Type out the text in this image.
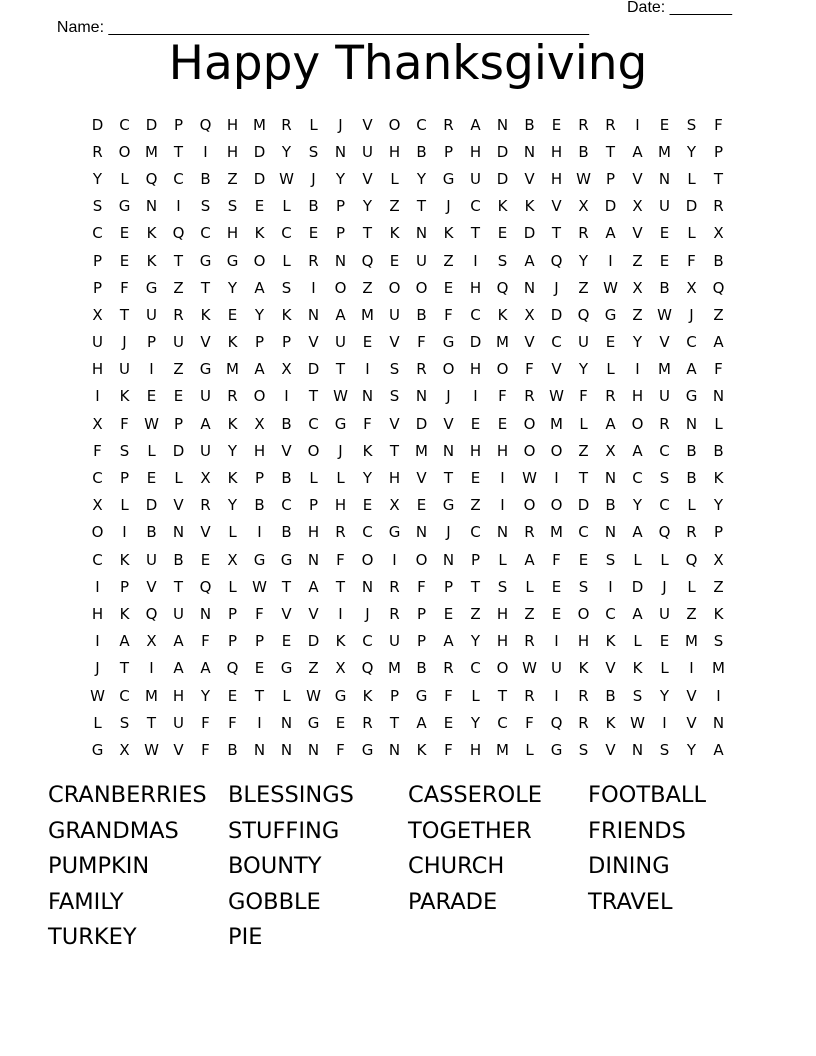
Name: ______________________________________________________

Date: _______

Happy Thanksgiving
D	C	D	P	Q	H M	R	L	J	V	O	C	R	A	N	B	E	R	R	I	E	S	F
R	O M	T	I	H	D	Y	S	N	U	H	B	P	H	D	N	H	B	T	A	M	Y	P
Y	L	Q	C	B	Z	D W	J	Y	V	L	Y	G	U	D	V	H W	P	V	N	L	T
S	G	N	I	S	S	E	L	B	P	Y	Z	T	J	C	K	K	V	X	D	X	U	D	R
C	E	K	Q	C	H	K	C	E	P	T	K	N	K	T	E	D	T	R	A	V	E	L	X
P	E	K	T	G	G	O	L	R	N	Q	E	U	Z	I	S	A	Q	Y	I	Z	E	F	B
P	F	G	Z	T	Y	A	S	I	O	Z	O	O	E	H	Q	N	J	Z W X	B	X	Q
X	T	U	R	K	E	Y	K	N	A	M	U	B	F	C	K	X	D	Q	G	Z W	J	Z
U	J	P	U	V	K	P	P	V	U	E	V	F	G	D M	V	C	U	E	Y	V	C	A
H	U	I	Z	G M	A	X	D	T	I	S	R	O	H	O	F	V	Y	L	I	M	A	F
I	K	E	E	U	R	O	I	T	W N	S	N	J	I	F	R W	F	R	H	U	G	N
X	F	W	P	A	K	X	B	C	G	F	V	D	V	E	E	O M	L	A	O	R	N	L
F	S	L	D	U	Y	H	V	O	J	K	T	M N	H	H	O	O	Z	X	A	C	B	B
C	P	E	L	X	K	P	B	L	L	Y	H	V	T	E	I	W	I	T	N	C	S	B	K
X	L	D	V	R	Y	B	C	P	H	E	X	E	G	Z	I	O	O	D	B	Y	C	L	Y
O	I	B	N	V	L	I	B	H	R	C	G	N	J	C	N	R	M	C	N	A	Q	R	P
C	K	U	B	E	X	G	G	N	F	O	I	O	N	P	L	A	F	E	S	L	L	Q	X
I	P	V	T	Q	L	W T	A	T	N	R	F	P	T	S	L	E	S	I	D	J	L	Z
H	K	Q	U	N	P	F	V	V	I	J	R	P	E	Z	H	Z	E	O	C	A	U	Z	K
I	A	X	A	F	P	P	E	D	K	C	U	P	A	Y	H	R	I	H	K	L	E	M	S
J	T	I	A	A	Q	E	G	Z	X	Q M	B	R	C	O W U	K	V	K	L	I	M
W C	M H	Y	E	T	L	W G	K	P	G	F	L	T	R	I	R	B	S	Y	V	I
L	S	T	U	F	F	I	N	G	E	R	T	A	E	Y	C	F	Q	R	K W	I	V	N
G	X W V	F	B	N	N	N	F	G	N	K	F	H M	L	G	S	V	N	S	Y	A
CRANBERRIES BLESSINGS	CASSEROLE	FOOTBALL
GRANDMAS	STUFFING	TOGETHER	FRIENDS
PUMPKIN	BOUNTY	CHURCH	DINING
FAMILY	GOBBLE	PARADE	TRAVEL
TURKEY	PIE
